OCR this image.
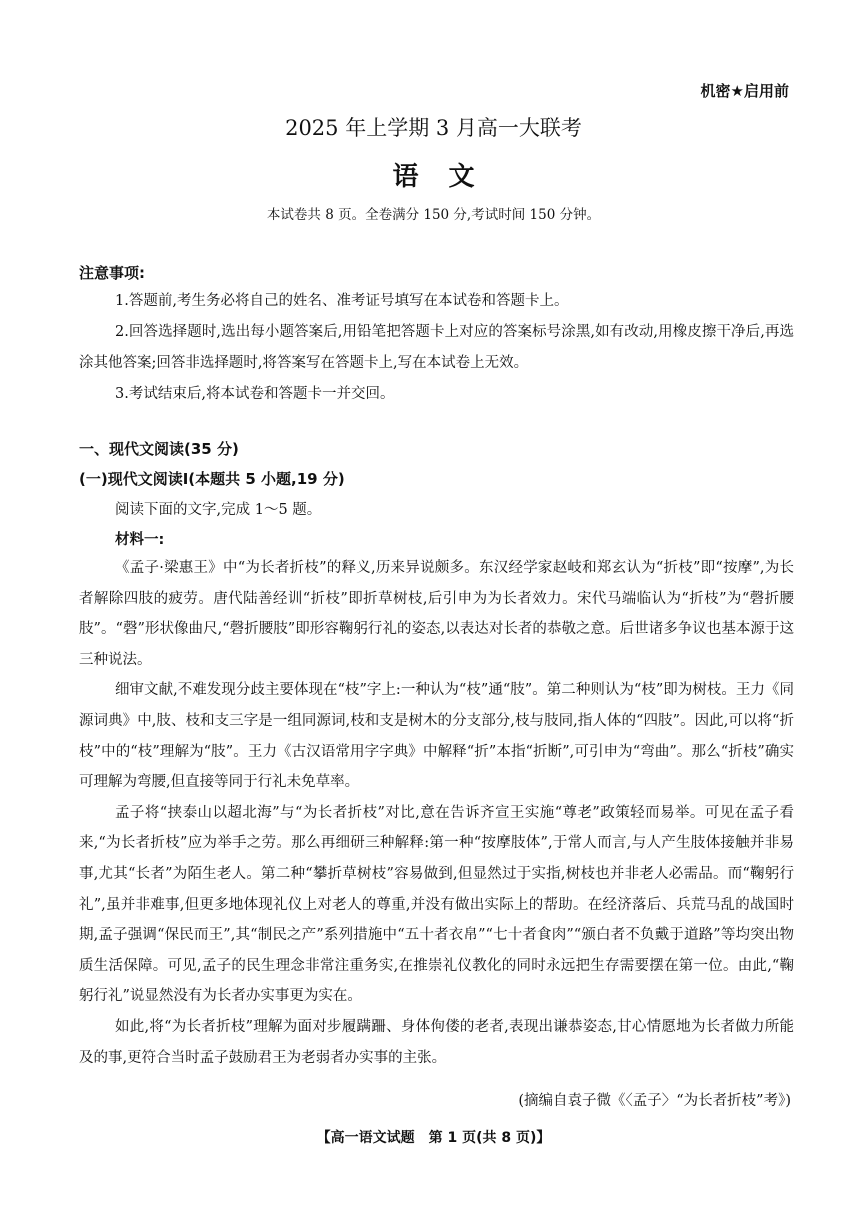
机密★启用前
2025 年上学期 3 月高一大联考
语文
本试卷共 8 页。全卷满分 150 分,考试时间 150 分钟。
注意事项:
1.答题前,考生务必将自己的姓名、准考证号填写在本试卷和答题卡上。
2.回答选择题时,选出每小题答案后,用铅笔把答题卡上对应的答案标号涂黑,如有改动,用橡皮擦干净后,再选涂其他答案;回答非选择题时,将答案写在答题卡上,写在本试卷上无效。
3.考试结束后,将本试卷和答题卡一并交回。
一、现代文阅读(35 分)
(一)现代文阅读Ⅰ(本题共 5 小题,19 分)
阅读下面的文字,完成 1～5 题。
材料一:

《孟子·梁惠王》中“为长者折枝”的释义,历来异说颇多。东汉经学家赵岐和郑玄认为“折枝”即“按摩”,为长者解除四肢的疲劳。唐代陆善经训“折枝”即折草树枝,后引申为为长者效力。宋代马端临认为“折枝”为“磬折腰肢”。“磬”形状像曲尺,“磬折腰肢”即形容鞠躬行礼的姿态,以表达对长者的恭敬之意。后世诸多争议也基本源于这三种说法。

细审文献,不难发现分歧主要体现在“枝”字上:一种认为“枝”通“肢”。第二种则认为“枝”即为树枝。王力《同源词典》中,肢、枝和支三字是一组同源词,枝和支是树木的分支部分,枝与肢同,指人体的“四肢”。因此,可以将“折枝”中的“枝”理解为“肢”。王力《古汉语常用字字典》中解释“折”本指“折断”,可引申为“弯曲”。那么“折枝”确实可理解为弯腰,但直接等同于行礼未免草率。

孟子将“挟泰山以超北海”与“为长者折枝”对比,意在告诉齐宣王实施“尊老”政策轻而易举。可见在孟子看来,“为长者折枝”应为举手之劳。那么再细研三种解释:第一种“按摩肢体”,于常人而言,与人产生肢体接触并非易事,尤其“长者”为陌生老人。第二种“攀折草树枝”容易做到,但显然过于实指,树枝也并非老人必需品。而“鞠躬行礼”,虽并非难事,但更多地体现礼仪上对老人的尊重,并没有做出实际上的帮助。在经济落后、兵荒马乱的战国时期,孟子强调“保民而王”,其“制民之产”系列措施中“五十者衣帛”“七十者食肉”“颁白者不负戴于道路”等均突出物质生活保障。可见,孟子的民生理念非常注重务实,在推崇礼仪教化的同时永远把生存需要摆在第一位。由此,“鞠躬行礼”说显然没有为长者办实事更为实在。

如此,将“为长者折枝”理解为面对步履蹒跚、身体佝偻的老者,表现出谦恭姿态,甘心情愿地为长者做力所能及的事,更符合当时孟子鼓励君王为老弱者办实事的主张。

(摘编自袁子微《〈孟子〉“为长者折枝”考》)
【高一语文试题　第 1 页(共 8 页)】
